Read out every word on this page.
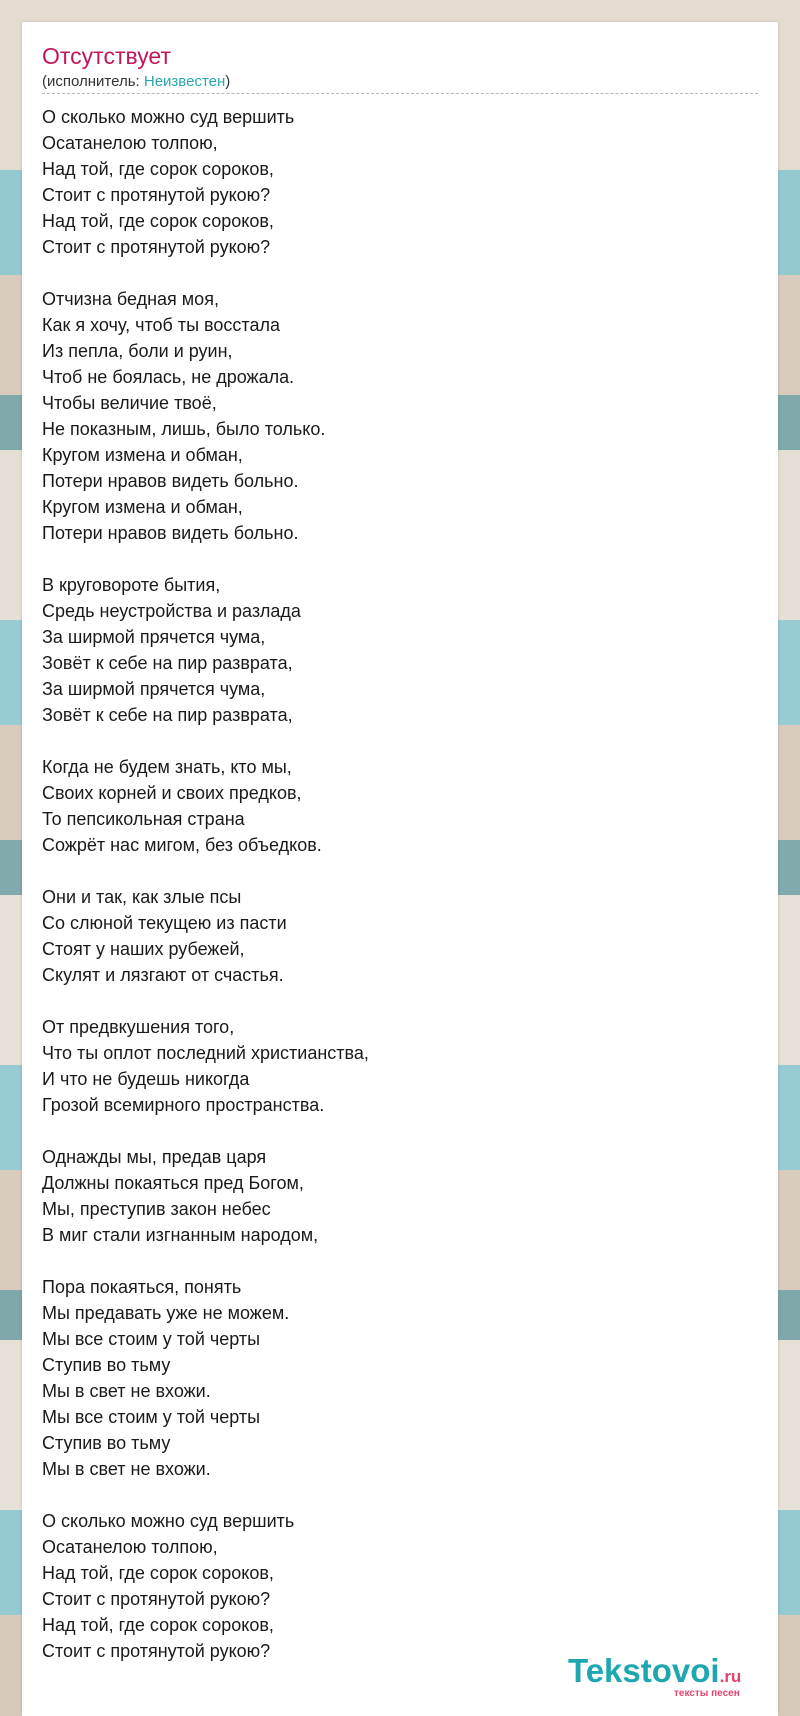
Отсутствует
(исполнитель: Неизвестен)
О сколько можно суд вершить
Осатанелою толпою,
Над той, где сорок сороков,
Стоит с протянутой рукою?
Над той, где сорок сороков,
Стоит с протянутой рукою?
Отчизна бедная моя,
Как я хочу, чтоб ты восстала
Из пепла, боли и руин,
Чтоб не боялась, не дрожала.
Чтобы величие твоё,
Не показным, лишь, было только.
Кругом измена и обман,
Потери нравов видеть больно.
Кругом измена и обман,
Потери нравов видеть больно.
В круговороте бытия,
Средь неустройства и разлада
За ширмой прячется чума,
Зовёт к себе на пир разврата,
За ширмой прячется чума,
Зовёт к себе на пир разврата,
Когда не будем знать, кто мы,
Своих корней и своих предков,
То пепсикольная страна
Сожрёт нас мигом, без объедков.
Они и так, как злые псы
Со слюной текущею из пасти
Стоят у наших рубежей,
Скулят и лязгают от счастья.
От предвкушения того,
Что ты оплот последний христианства,
И что не будешь никогда
Грозой всемирного пространства.
Однажды мы, предав царя
Должны покаяться пред Богом,
Мы, преступив закон небес
В миг стали изгнанным народом,
Пора покаяться, понять
Мы предавать уже не можем.
Мы все стоим у той черты
Ступив во тьму
Мы в свет не вхожи.
Мы все стоим у той черты
Ступив во тьму
Мы в свет не вхожи.
О сколько можно суд вершить
Осатанелою толпою,
Над той, где сорок сороков,
Стоит с протянутой рукою?
Над той, где сорок сороков,
Стоит с протянутой рукою?
Tekstovoi.ru
тексты песен
